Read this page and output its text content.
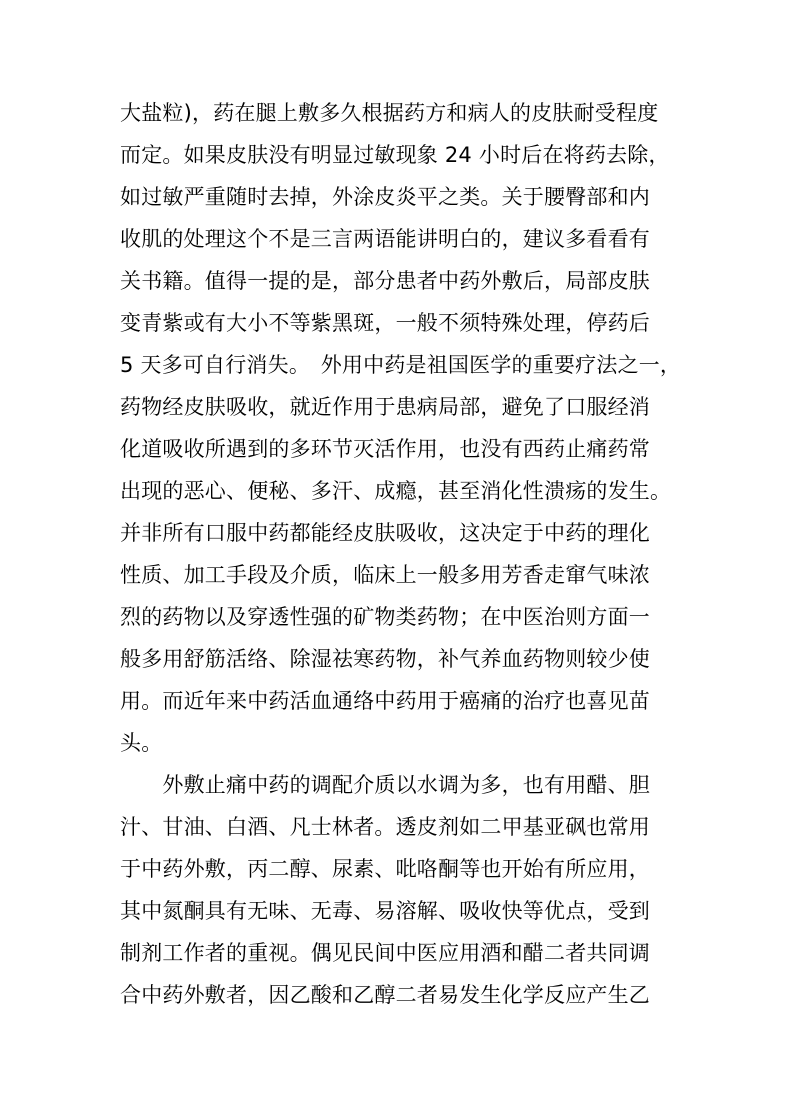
大盐粒)，药在腿上敷多久根据药方和病人的皮肤耐受程度
而定。如果皮肤没有明显过敏现象 24 小时后在将药去除，
如过敏严重随时去掉，外涂皮炎平之类。关于腰臀部和内
收肌的处理这个不是三言两语能讲明白的，建议多看看有
关书籍。值得一提的是，部分患者中药外敷后，局部皮肤
变青紫或有大小不等紫黑斑，一般不须特殊处理，停药后
5 天多可自行消失。　外用中药是祖国医学的重要疗法之一，
药物经皮肤吸收，就近作用于患病局部，避免了口服经消
化道吸收所遇到的多环节灭活作用，也没有西药止痛药常
出现的恶心、便秘、多汗、成瘾，甚至消化性溃疡的发生。
并非所有口服中药都能经皮肤吸收，这决定于中药的理化
性质、加工手段及介质，临床上一般多用芳香走窜气味浓
烈的药物以及穿透性强的矿物类药物；在中医治则方面一
般多用舒筋活络、除湿祛寒药物，补气养血药物则较少使
用。而近年来中药活血通络中药用于癌痛的治疗也喜见苗
头。
　　外敷止痛中药的调配介质以水调为多，也有用醋、胆
汁、甘油、白酒、凡士林者。透皮剂如二甲基亚砜也常用
于中药外敷，丙二醇、尿素、吡咯酮等也开始有所应用，
其中氮酮具有无味、无毒、易溶解、吸收快等优点，受到
制剂工作者的重视。偶见民间中医应用酒和醋二者共同调
合中药外敷者，因乙酸和乙醇二者易发生化学反应产生乙
